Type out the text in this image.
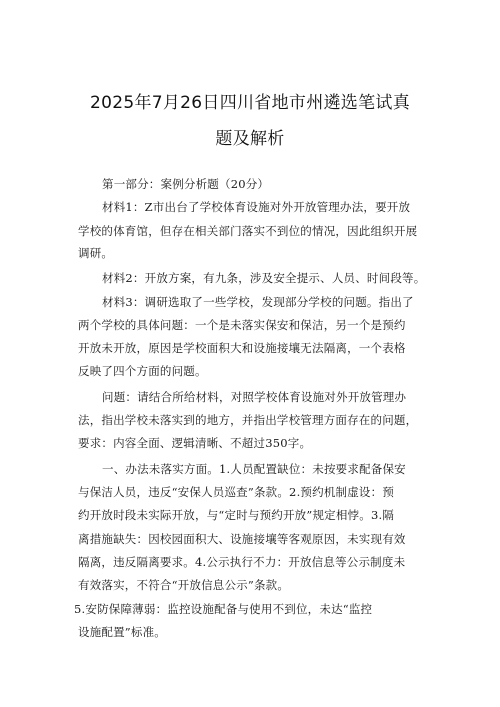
2025年7月26日四川省地市州遴选笔试真
题及解析
第一部分：案例分析题（20分）
材料1：Z市出台了学校体育设施对外开放管理办法，要开放
学校的体育馆，但存在相关部门落实不到位的情况，因此组织开展
调研。
材料2：开放方案，有九条，涉及安全提示、人员、时间段等。
材料3：调研选取了一些学校，发现部分学校的问题。指出了
两个学校的具体问题：一个是未落实保安和保洁，另一个是预约
开放未开放，原因是学校面积大和设施接壤无法隔离，一个表格
反映了四个方面的问题。
问题：请结合所给材料，对照学校体育设施对外开放管理办
法，指出学校未落实到的地方，并指出学校管理方面存在的问题，
要求：内容全面、逻辑清晰、不超过350字。
一、办法未落实方面。1.人员配置缺位：未按要求配备保安
与保洁人员，违反“安保人员巡查”条款。2.预约机制虚设：预
约开放时段未实际开放，与“定时与预约开放”规定相悖。3.隔
离措施缺失：因校园面积大、设施接壤等客观原因，未实现有效
隔离，违反隔离要求。4.公示执行不力：开放信息等公示制度未
有效落实，不符合“开放信息公示”条款。
5.安防保障薄弱：监控设施配备与使用不到位，未达“监控
设施配置”标准。
